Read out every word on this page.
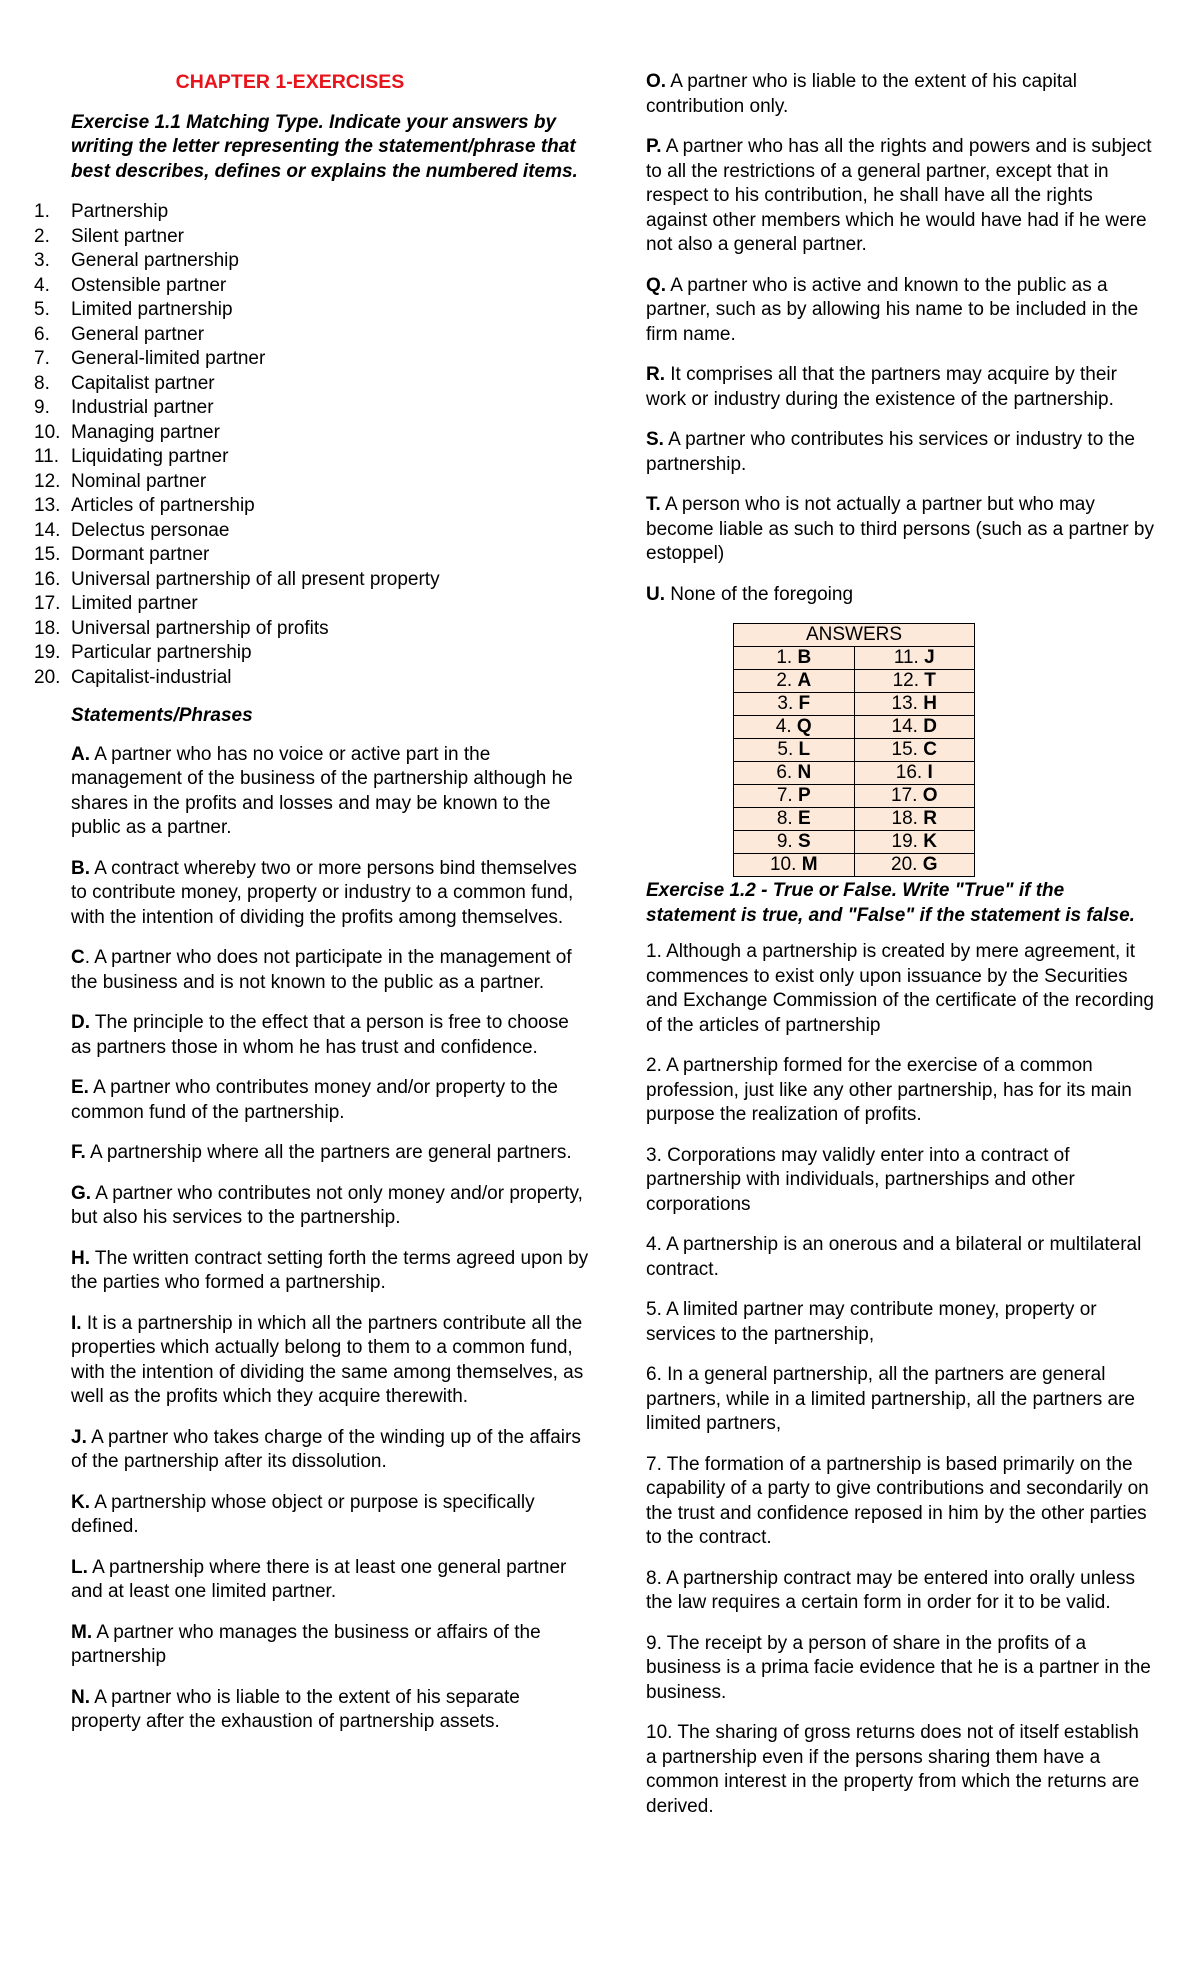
CHAPTER 1-EXERCISES
Exercise 1.1 Matching Type. Indicate your answers by writing the letter representing the statement/phrase that best describes, defines or explains the numbered items.
1.	Partnership
2.	Silent partner
3.	General partnership
4.	Ostensible partner
5.	Limited partnership
6.	General partner
7.	General-limited partner
8.	Capitalist partner
9.	Industrial partner
10. Managing partner
11. Liquidating partner
12. Nominal partner
13. Articles of partnership
14. Delectus personae
15. Dormant partner
16. Universal partnership of all present property
17. Limited partner
18. Universal partnership of profits
19. Particular partnership
20. Capitalist-industrial
Statements/Phrases
A. A partner who has no voice or active part in the management of the business of the partnership although he shares in the profits and losses and may be known to the public as a partner.
B. A contract whereby two or more persons bind themselves to contribute money, property or industry to a common fund, with the intention of dividing the profits among themselves.
C. A partner who does not participate in the management of the business and is not known to the public as a partner.
D. The principle to the effect that a person is free to choose as partners those in whom he has trust and confidence.
E. A partner who contributes money and/or property to the common fund of the partnership.
F. A partnership where all the partners are general partners.
G. A partner who contributes not only money and/or property, but also his services to the partnership.
H. The written contract setting forth the terms agreed upon by the parties who formed a partnership.
I. It is a partnership in which all the partners contribute all the properties which actually belong to them to a common fund, with the intention of dividing the same among themselves, as well as the profits which they acquire therewith.
J. A partner who takes charge of the winding up of the affairs of the partnership after its dissolution.
K. A partnership whose object or purpose is specifically defined.
L. A partnership where there is at least one general partner and at least one limited partner.
M. A partner who manages the business or affairs of the partnership
N. A partner who is liable to the extent of his separate property after the exhaustion of partnership assets.
O. A partner who is liable to the extent of his capital contribution only.
P. A partner who has all the rights and powers and is subject to all the restrictions of a general partner, except that in respect to his contribution, he shall have all the rights against other members which he would have had if he were not also a general partner.
Q. A partner who is active and known to the public as a partner, such as by allowing his name to be included in the firm name.
R. It comprises all that the partners may acquire by their work or industry during the existence of the partnership.
S. A partner who contributes his services or industry to the partnership.
T. A person who is not actually a partner but who may become liable as such to third persons (such as a partner by estoppel)
U. None of the foregoing
ANSWERS	
1. B	11. J
2. A	12. T
3. F	13. H
4. Q	14. D
5. L	15. C
6. N	16. I
7. P	17. O
8. E	18. R
9. S	19. K
10. M	20. G
Exercise 1.2 - True or False. Write "True" if the statement is true, and "False" if the statement is false.
1. Although a partnership is created by mere agreement, it commences to exist only upon issuance by the Securities and Exchange Commission of the certificate of the recording of the articles of partnership
2. A partnership formed for the exercise of a common profession, just like any other partnership, has for its main purpose the realization of profits.
3. Corporations may validly enter into a contract of partnership with individuals, partnerships and other corporations
4. A partnership is an onerous and a bilateral or multilateral contract.
5. A limited partner may contribute money, property or services to the partnership,
6. In a general partnership, all the partners are general partners, while in a limited partnership, all the partners are limited partners,
7. The formation of a partnership is based primarily on the capability of a party to give contributions and secondarily on the trust and confidence reposed in him by the other parties to the contract.
8. A partnership contract may be entered into orally unless the law requires a certain form in order for it to be valid.
9. The receipt by a person of share in the profits of a business is a prima facie evidence that he is a partner in the business.
10. The sharing of gross returns does not of itself establish a partnership even if the persons sharing them have a common interest in the property from which the returns are derived.
